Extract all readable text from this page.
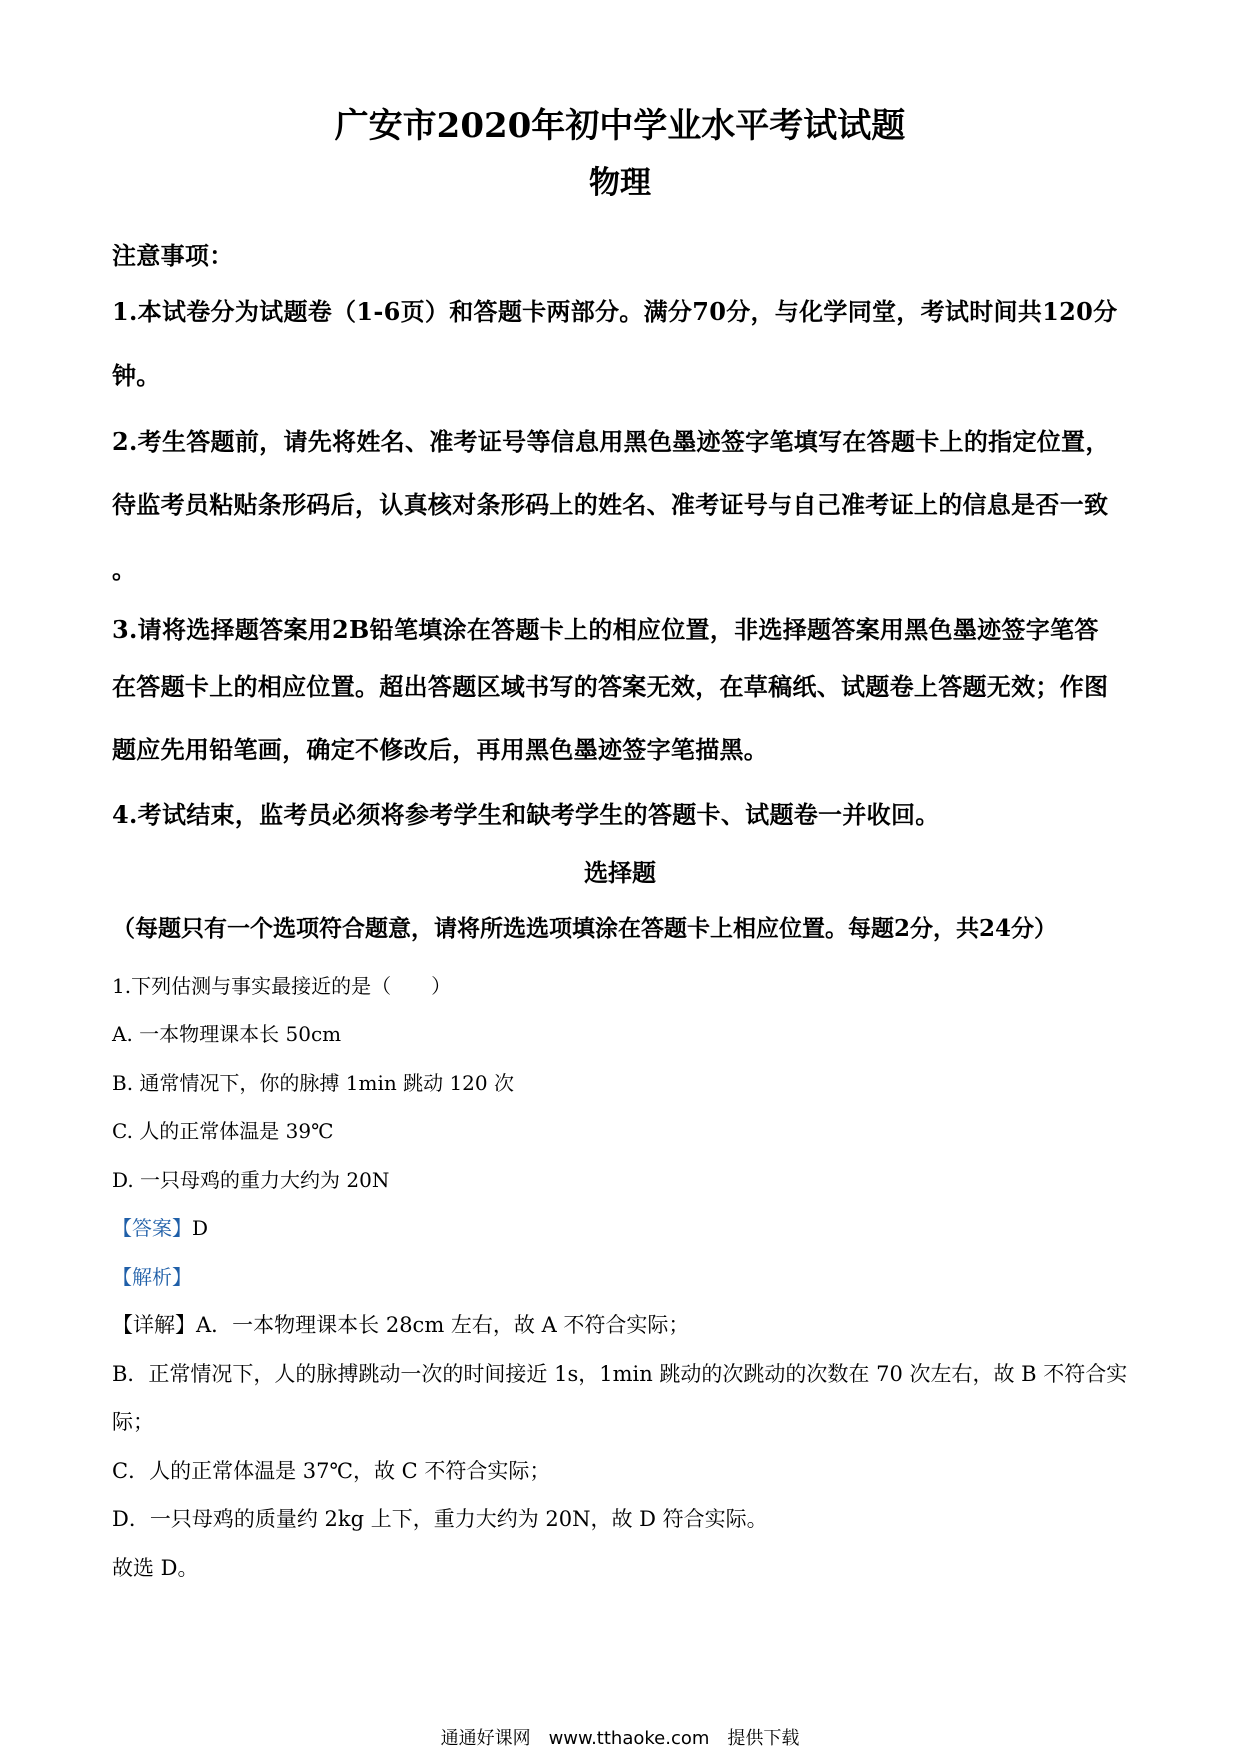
广安市2020年初中学业水平考试试题
物理
注意事项：
1.本试卷分为试题卷（1-6页）和答题卡两部分。满分70分，与化学同堂，考试时间共120分
钟。
2.考生答题前，请先将姓名、准考证号等信息用黑色墨迹签字笔填写在答题卡上的指定位置，
待监考员粘贴条形码后，认真核对条形码上的姓名、准考证号与自己准考证上的信息是否一致
。
3.请将选择题答案用2B铅笔填涂在答题卡上的相应位置，非选择题答案用黑色墨迹签字笔答
在答题卡上的相应位置。超出答题区域书写的答案无效，在草稿纸、试题卷上答题无效；作图
题应先用铅笔画，确定不修改后，再用黑色墨迹签字笔描黑。
4.考试结束，监考员必须将参考学生和缺考学生的答题卡、试题卷一并收回。
选择题
（每题只有一个选项符合题意，请将所选选项填涂在答题卡上相应位置。每题2分，共24分）
1.下列估测与事实最接近的是（　　）
A. 一本物理课本长 50cm
B. 通常情况下，你的脉搏 1min 跳动 120 次
C. 人的正常体温是 39℃
D. 一只母鸡的重力大约为 20N
【答案】D
【解析】
【详解】A．一本物理课本长 28cm 左右，故 A 不符合实际；
B．正常情况下，人的脉搏跳动一次的时间接近 1s，1min 跳动的次跳动的次数在 70 次左右，故 B 不符合实
际；
C．人的正常体温是 37℃，故 C 不符合实际；
D．一只母鸡的质量约 2kg 上下，重力大约为 20N，故 D 符合实际。
故选 D。
通通好课网　www.tthaoke.com　提供下载
